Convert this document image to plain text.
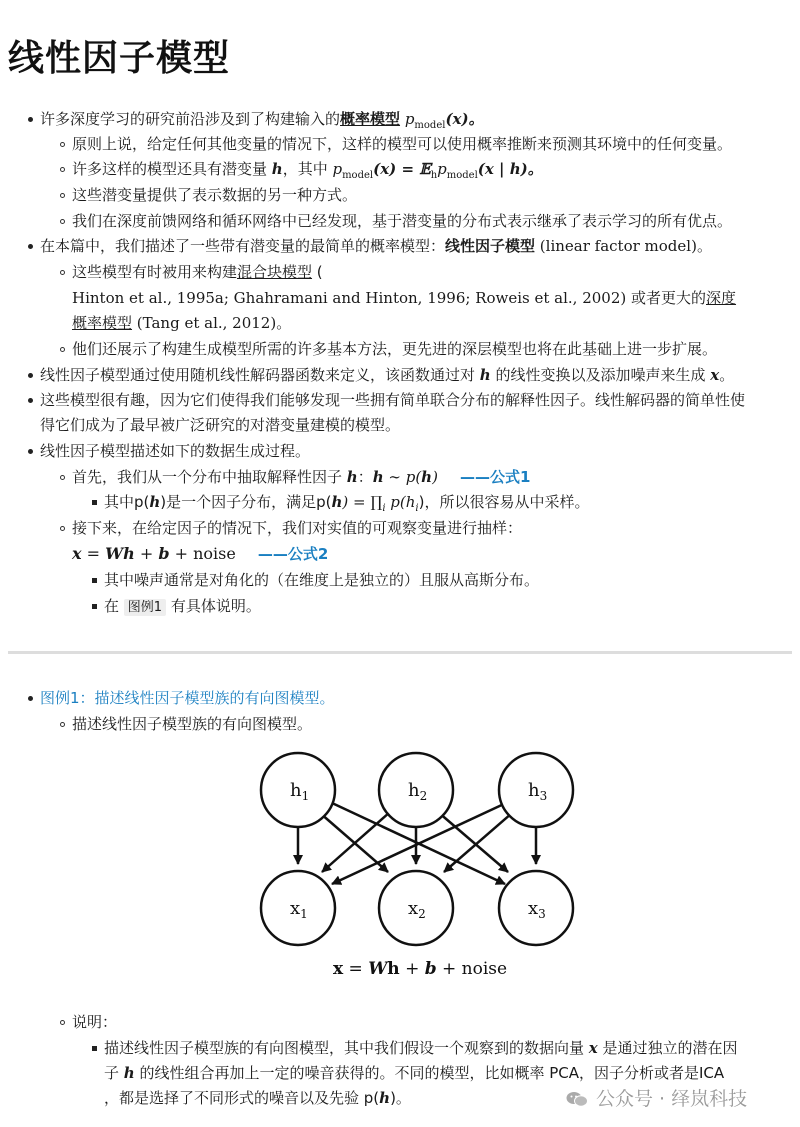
线性因子模型
许多深度学习的研究前沿涉及到了构建输入的概率模型 $p_{model}(x)$。
原则上说，给定任何其他变量的情况下，这样的模型可以使用概率推断来预测其环境中的任何变量。
许多这样的模型还具有潜变量 h，其中 $p_{model}(x)$ = $𝔼_hp_{model}(x$ | h)。
这些潜变量提供了表示数据的另一种方式。
我们在深度前馈网络和循环网络中已经发现，基于潜变量的分布式表示继承了表示学习的所有优点。
在本篇中，我们描述了一些带有潜变量的最简单的概率模型：线性因子模型 (linear factor model)。
这些模型有时被用来构建混合块模型 (
Hinton et al., 1995a; Ghahramani and Hinton, 1996; Roweis et al., 2002) 或者更大的深度
概率模型 (Tang et al., 2012)。
他们还展示了构建生成模型所需的许多基本方法，更先进的深层模型也将在此基础上进一步扩展。
线性因子模型通过使用随机线性解码器函数来定义，该函数通过对 h 的线性变换以及添加噪声来生成 x。
这些模型很有趣，因为它们使得我们能够发现一些拥有简单联合分布的解释性因子。线性解码器的简单性使
得它们成为了最早被广泛研究的对潜变量建模的模型。
线性因子模型描述如下的数据生成过程。
首先，我们从一个分布中抽取解释性因子 h：h ∼ p(h) ——公式1
其中p(h)是一个因子分布，满足$p(h) = \prod_i$ $p(h_i)$，所以很容易从中采样。
接下来，在给定因子的情况下，我们对实值的可观察变量进行抽样：
x = Wh + b + noise ——公式2
其中噪声通常是对角化的（在维度上是独立的）且服从高斯分布。
在 图例1 有具体说明。
图例1：描述线性因子模型族的有向图模型。
描述线性因子模型族的有向图模型。
$h_1$	$h_2$	$h_3$
$x_1$	$x_2$	$x_3$
x = Wh + b + noise
说明：
描述线性因子模型族的有向图模型，其中我们假设一个观察到的数据向量 x 是通过独立的潜在因
子 h 的线性组合再加上一定的噪音获得的。不同的模型，比如概率 PCA，因子分析或者是ICA
，都是选择了不同形式的噪音以及先验 p(h)。	公众号 · 绎岚科技
